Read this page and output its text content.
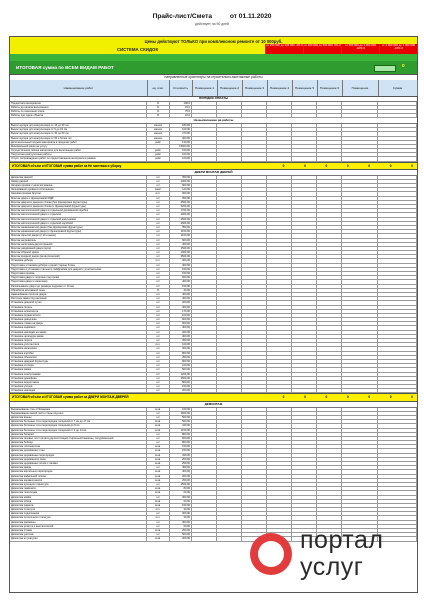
Прайс-лист/Смета	от 01.11.2020
действует на 90 дней
Цены действуют ТОЛЬКО при комплексном ремонте от 10 000руб.
СИСТЕМА СКИДОК
от 150 000 до 200 000 -3% 0 от 200 000 до 500 000 -5% 0	от 500 000 до 1 000 000 -10% 0
от 1 000 000 до 3 000 000 -15% 0
ИТОГОВАЯ сумма по ВСЕМ ВИДАМ РАБОТ	0
направленные ориентиры на строительно-монтажные работы
Наименование работ	ед. изм.	Стоимость	Помещение 1	Помещение 2	Помещение 3	Помещение 4	Помещение 5	Помещение 6	Помещение	Сумма
ПОРЯДОК ОПЛАТЫ
Предоплата материалов	%	100,0
Работы до начала выполнения	%	15,0
Работы по окончании этапа	%	75,0
Работы при сдаче объекта	%	10,0
На выполнение ра работы
Вынос мусора для консультации от 15 до 30 лм	мешок	180,00
Вынос мусора для консультации от 5 до 15 лм	мешок	100,00
Вынос мусора для консультации от 30 до 60 лм	мешок	270,00
Вынос мусора для консультации от 60 и более лм	мешок	360,00
Дополнительный подъём материала в пределах работ	рейс	130,00
Минимальный заказ на услугу	15000,00
Осуществление поиска материала для выполнения работ	рейс	150,00
Погрузочно-разгрузочные работы	рейс	100,00
Услуги сопровождения работ по предоставлению материала в рамках	рейс	100,00
ИТОГОВАЯ объём и ИТОГОВАЯ сумма работ за Не монтажа и уборку	0	0	0	0	0	0	0
ДВЕРИ МОНТАЖ ДВЕРЕЙ
Демонтаж дверей	шт	450,00
Замер дверей	шт	1000,00
Затирка проёма и наличия веника	шт	500,00
Запенивание проёма в исполнении	пакет	120,00
Зашивка проёма брусом	м.п.	300,00
Монтаж двери с фрезеровкой МДФ	шт	650,00
Монтаж дверного дверного блока (без фрезеровки фурнитуры)	шт	4500,00
Монтаж дверного дверного блока (с фрезеровкой фурнитуры)	шт	5200,00
Монтаж металлической двери в отдельной деревянной коробке	шт	1700,00
Монтаж металлической двери с отделкой	шт	2000,00
Монтаж металлической двери с отделкой наличников	шт	2500,00
Монтаж металлической двери с отделкой коробкой	шт	2000,00
Монтаж межкомнатной двери (без фрезеровки фурнитуры)	шт	950,00
Монтаж межкомнатной двери (с фрезеровкой фурнитуры)	шт	1150,00
Монтаж скрытой двери (2.10 и выше)	шт	1150,00
Монтаж нагреватель	шт	600,00
Монтаж наличника двухсторонний	шт	460,00
Монтаж раздвижной двери (купе)	шт	1500,00
Монтаж сборной двери	шт	1000,00
Монтаж входной двери (металлической)	шт	3500,00
Установка добора	м.п.	400,00
Подготовка установка добора к одной стороне блока	шт	400,00
Подготовка и установка стального лайфрейма для дверей с уплотнителем	шт	150,00
Подготовка проёма	шт	150,00
Подготовка двери к подгонке под проём	шт	600,00
Подготовка двери к наличнику	шт	400,00
Раскалывание двери до размера подрезки от 10 мм	шт	150,00
Обработка монтажной пены	%	30,00
Навешивание полотна двери	шт	400,00
Расточка замка под наличник	шт	400,00
Установка дверной ручки	шт	200,00
Установка петель	шт	400,00
Установка шпингалета	шт	170,00
Установка ограничителя	шт	100,00
Установка доводчика	шт	600,00
Установка глазка на дверь	шт	500,00
Установка задвижки	шт	400,00
Установка накладки на замок	шт	200,00
Установка цилиндра замка	шт	300,00
Установка порога	шт	350,00
Установка уплотнителя	м.п.	100,00
Установка наличника	шт	300,00
Установка коробки	шт	800,00
Установка обналички	шт	250,00
Установка дверной фурнитуры	шт	500,00
Установка стопора	шт	100,00
Установка замка	шт	500,00
Установка электрозамка	шт	1200,00
Установка домофона	шт	1500,00
Установка видеоглазка	шт	800,00
Установка упоров	шт	150,00
Установка накладок	шт	200,00
ИТОГОВАЯ объём и ИТОГОВАЯ сумма работ за ДВЕРИ МОНТАЖ ДВЕРЕЙ	0	0	0	0	0	0	0
ДЕМОНТАЖ
Выравнивание стен отбиванием	м.кв.	160,00
Выравнивание малой части стены под ниш	шт	1600,00
Демонтаж ванны	шт	500,00
Демонтаж бетонных стен перегородок толщиной от 7 см до 17 см	м.кв.	560,00
Демонтаж бетонных стен перегородок толщиной до 8 см	м.кв.	340,00
Демонтаж бетонных стен перегородок толщиной от 9 до 14 см	м.кв.	1150,00
Демонтаж батарей	шт	800,00
Демонтаж газовых плит оплата дорогостоящей стиральной машины, посудомоечной	шт	500,00
Демонтаж бойлер	шт	800,00
Демонтаж гипсокартона	м.кв.	150,00
Демонтаж деревянных стен	м.кв.	150,00
Демонтаж деревянных перегородок	м.кв.	340,00
Демонтаж деревянного пола	м.кв.	200,00
Демонтаж деревянных полов с лагами	м.кв.	250,00
Демонтаж двери	шт	450,00
Демонтаж кирпичных перегородок	м.кв.	400,00
Демонтаж кафельной плитки	м.кв.	200,00
Демонтаж керамогранита	м.кв.	250,00
Демонтаж кухонного гарнитура	шт	1500,00
Демонтаж ламината	м.кв.	80,00
Демонтаж линолеума	м.кв.	60,00
Демонтаж мойки	шт	300,00
Демонтаж обоев	м.кв.	60,00
Демонтаж паркета	м.кв.	150,00
Демонтаж плинтуса	м.п.	30,00
Демонтаж подоконника	шт	300,00
Демонтаж потолочного плинтуса	м.п.	30,00
Демонтаж раковины	шт	300,00
Демонтаж розеток и выключателей	шт	50,00
Демонтаж стяжки	м.кв.	250,00
Демонтаж унитаза	шт	500,00
Демонтаж штукатурки	м.кв.	200,00	портал
услуг
